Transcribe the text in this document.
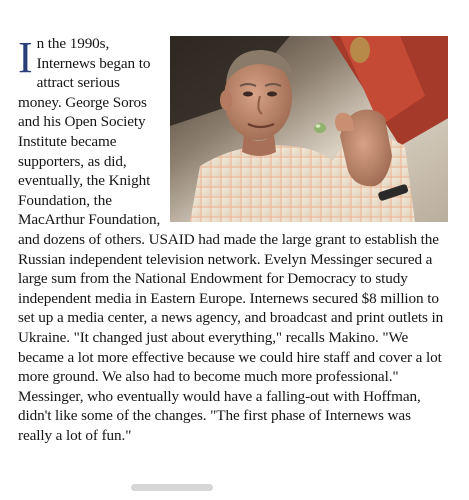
I n the 1990s, Internews began to attract serious money. George Soros and his Open Society Institute became supporters, as did, eventually, the Knight Foundation, the MacArthur Foundation, and dozens of others. USAID had made the large grant to establish the Russian independent television network. Evelyn Messinger secured a large sum from the National Endowment for Democracy to study independent media in Eastern Europe. Internews secured $8 million to set up a media center, a news agency, and broadcast and print outlets in Ukraine. "It changed just about everything," recalls Makino. "We became a lot more effective because we could hire staff and cover a lot more ground. We also had to become much more professional." Messinger, who eventually would have a falling-out with Hoffman, didn't like some of the changes. "The first phase of Internews was really a lot of fun."
